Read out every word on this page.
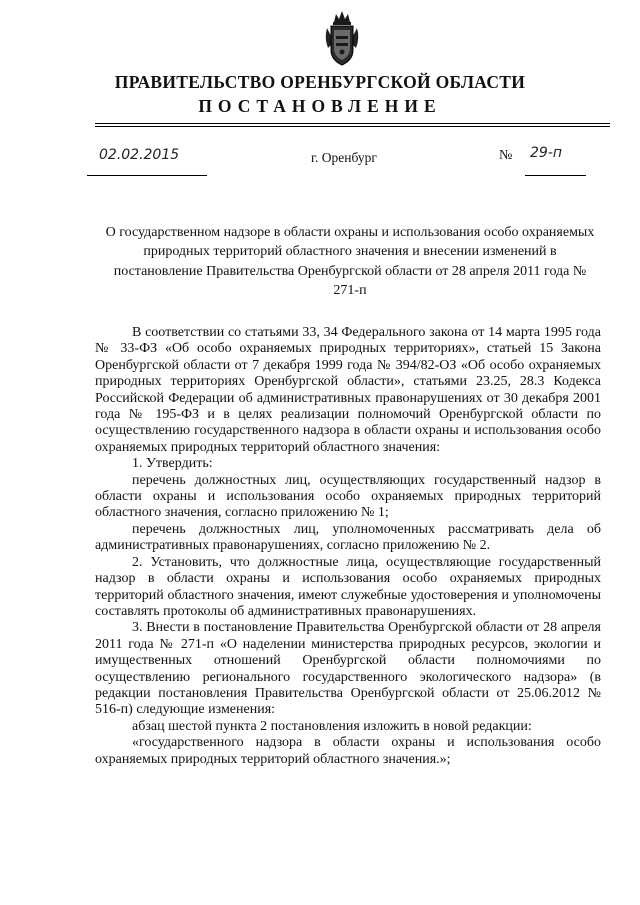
ПРАВИТЕЛЬСТВО ОРЕНБУРГСКОЙ ОБЛАСТИ
ПОСТАНОВЛЕНИЕ
02.02.2015	г. Оренбург	№ 29-п
О государственном надзоре в области охраны и использования особо охраняемых природных территорий областного значения и внесении изменений в постановление Правительства Оренбургской области от 28 апреля 2011 года № 271-п

В соответствии со статьями 33, 34 Федерального закона от 14 марта 1995 года № 33-ФЗ «Об особо охраняемых природных территориях», статьей 15 Закона Оренбургской области от 7 декабря 1999 года № 394/82-ОЗ «Об особо охраняемых природных территориях Оренбургской области», статьями 23.25, 28.3 Кодекса Российской Федерации об административных правонарушениях от 30 декабря 2001 года № 195-ФЗ и в целях реализации полномочий Оренбургской области по осуществлению государственного надзора в области охраны и использования особо охраняемых природных территорий областного значения:

1. Утвердить:

перечень должностных лиц, осуществляющих государственный надзор в области охраны и использования особо охраняемых природных территорий областного значения, согласно приложению № 1;

перечень должностных лиц, уполномоченных рассматривать дела об административных правонарушениях, согласно приложению № 2.

2. Установить, что должностные лица, осуществляющие государственный надзор в области охраны и использования особо охраняемых природных территорий областного значения, имеют служебные удостоверения и уполномочены составлять протоколы об административных правонарушениях.

3. Внести в постановление Правительства Оренбургской области от 28 апреля 2011 года № 271-п «О наделении министерства природных ресурсов, экологии и имущественных отношений Оренбургской области полномочиями по осуществлению регионального государственного экологического надзора» (в редакции постановления Правительства Оренбургской области от 25.06.2012 № 516-п) следующие изменения:

абзац шестой пункта 2 постановления изложить в новой редакции:

«государственного надзора в области охраны и использования особо охраняемых природных территорий областного значения.»;
